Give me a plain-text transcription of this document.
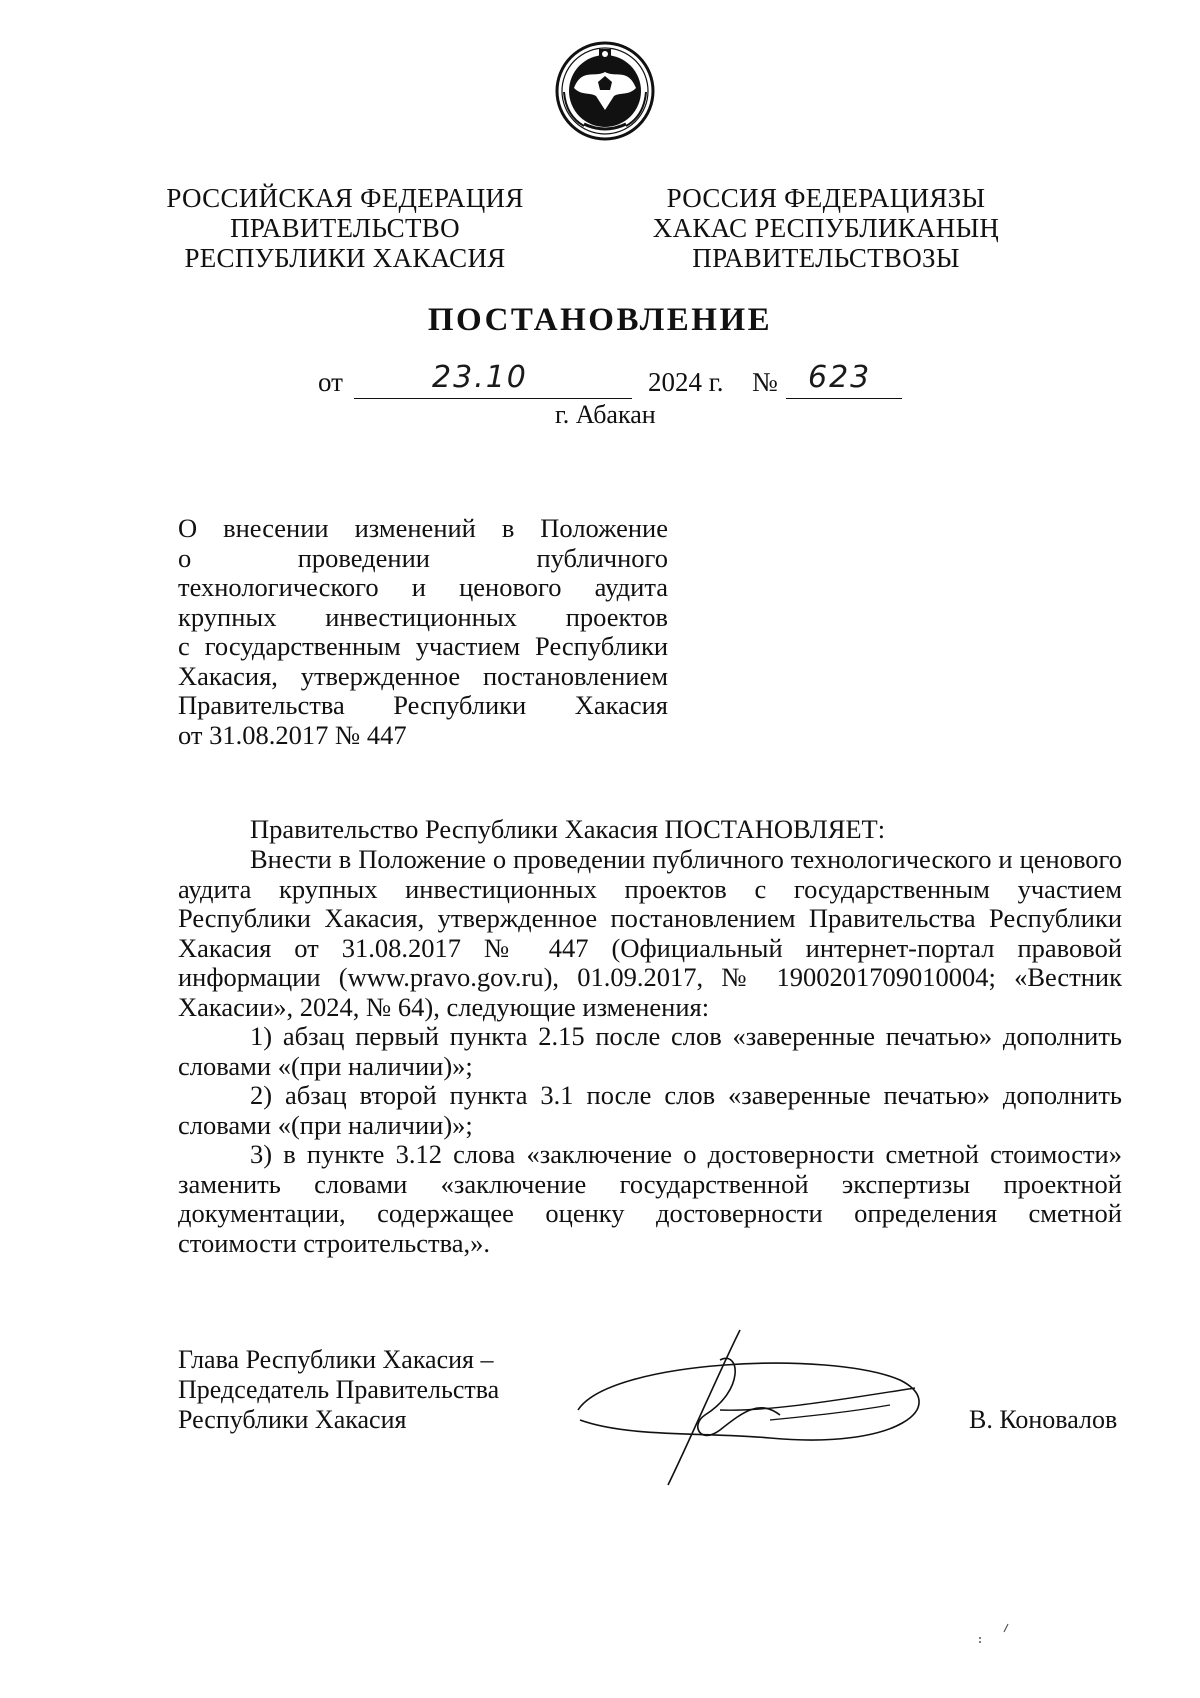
РОССИЙСКАЯ ФЕДЕРАЦИЯ
ПРАВИТЕЛЬСТВО
РЕСПУБЛИКИ ХАКАСИЯ
РОССИЯ ФЕДЕРАЦИЯЗЫ
ХАКАС РЕСПУБЛИКАНЫҢ
ПРАВИТЕЛЬСТВОЗЫ
ПОСТАНОВЛЕНИЕ
от	23.10	2024 г. № 623
г. Абакан
О внесении изменений в Положение
о проведении публичного
технологического и ценового аудита
крупных инвестиционных проектов
с государственным участием Республики
Хакасия, утвержденное постановлением
Правительства Республики Хакасия
от 31.08.2017 № 447
Правительство Республики Хакасия ПОСТАНОВЛЯЕТ:
Внести в Положение о проведении публичного технологического и ценового аудита крупных инвестиционных проектов с государственным участием Республики Хакасия, утвержденное постановлением Правительства Республики Хакасия от 31.08.2017 № 447 (Официальный интернет-портал правовой информации (www.pravo.gov.ru), 01.09.2017, № 1900201709010004; «Вестник Хакасии», 2024, № 64), следующие изменения:
1) абзац первый пункта 2.15 после слов «заверенные печатью» дополнить словами «(при наличии)»;
2) абзац второй пункта 3.1 после слов «заверенные печатью» дополнить словами «(при наличии)»;
3) в пункте 3.12 слова «заключение о достоверности сметной стоимости» заменить словами «заключение государственной экспертизы проектной документации, содержащее оценку достоверности определения сметной стоимости строительства,».
Глава Республики Хакасия –
Председатель Правительства
Республики Хакасия	В. Коновалов
